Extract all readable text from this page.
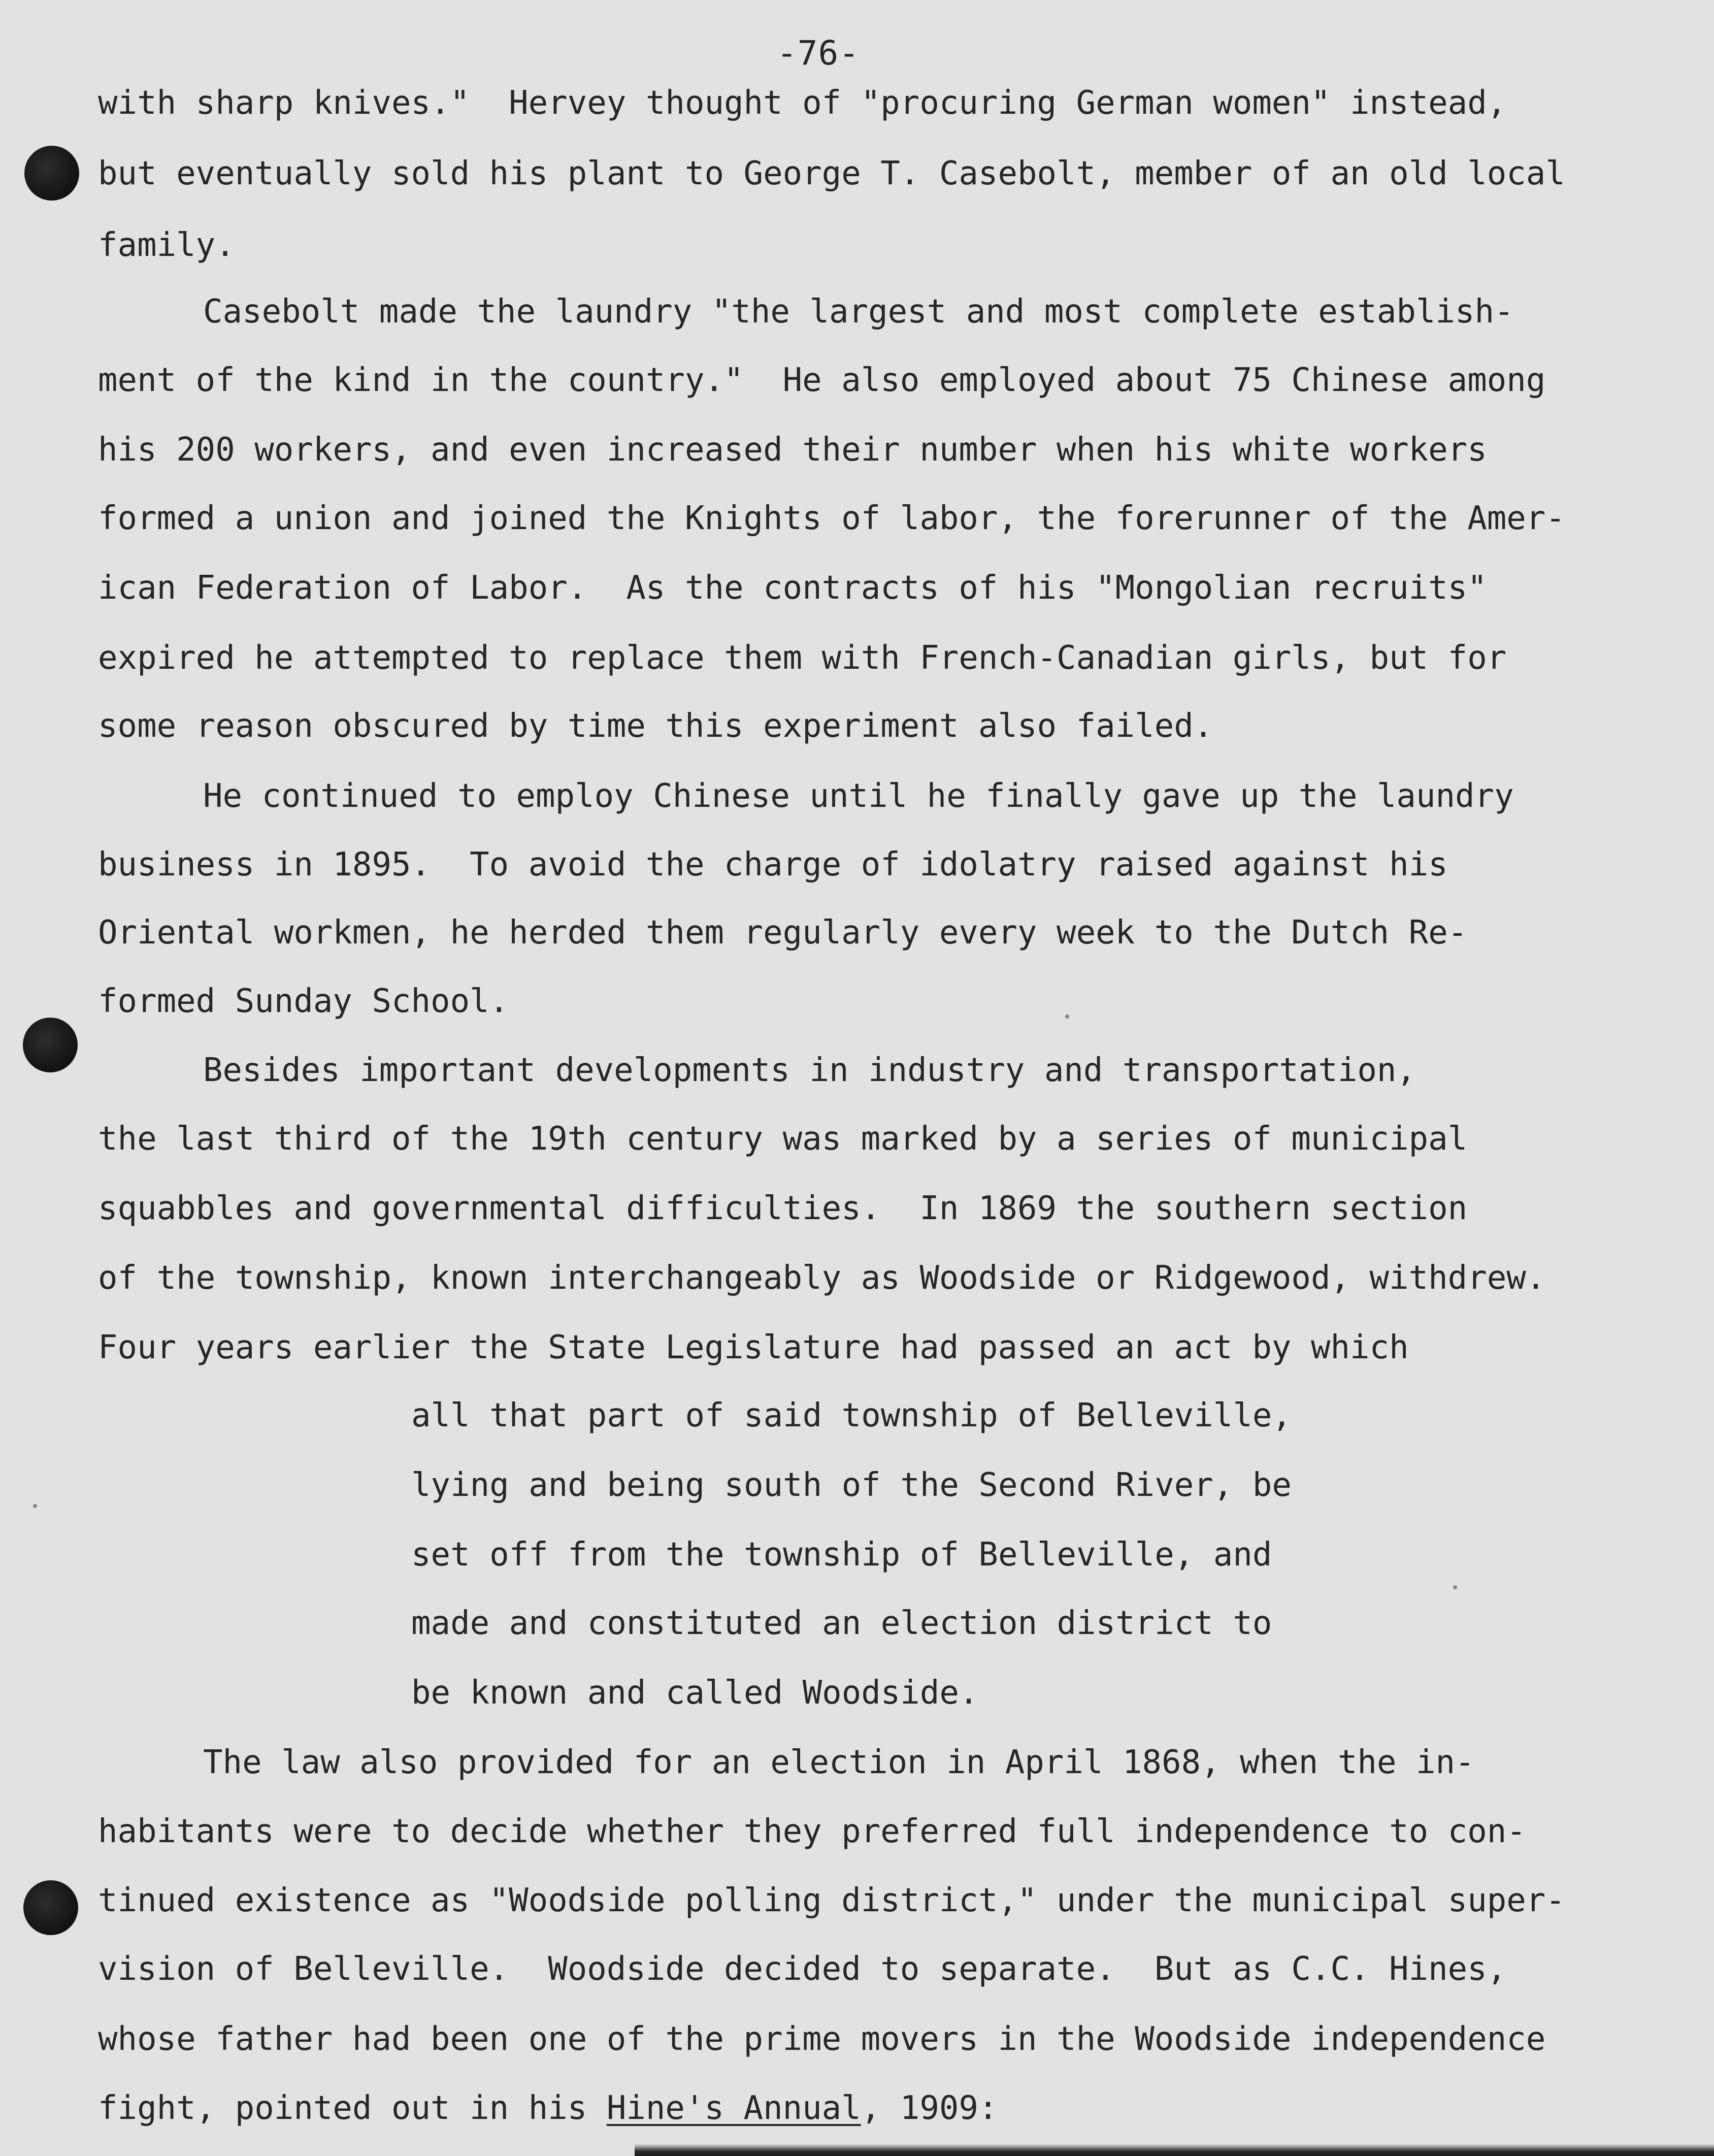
-76-
with sharp knives."  Hervey thought of "procuring German women" instead,
but eventually sold his plant to George T. Casebolt, member of an old local
family.
Casebolt made the laundry "the largest and most complete establish-
ment of the kind in the country."  He also employed about 75 Chinese among
his 200 workers, and even increased their number when his white workers
formed a union and joined the Knights of labor, the forerunner of the Amer-
ican Federation of Labor.  As the contracts of his "Mongolian recruits"
expired he attempted to replace them with French-Canadian girls, but for
some reason obscured by time this experiment also failed.
He continued to employ Chinese until he finally gave up the laundry
business in 1895.  To avoid the charge of idolatry raised against his
Oriental workmen, he herded them regularly every week to the Dutch Re-
formed Sunday School.
Besides important developments in industry and transportation,
the last third of the 19th century was marked by a series of municipal
squabbles and governmental difficulties.  In 1869 the southern section
of the township, known interchangeably as Woodside or Ridgewood, withdrew.
Four years earlier the State Legislature had passed an act by which
all that part of said township of Belleville,
lying and being south of the Second River, be
set off from the township of Belleville, and
made and constituted an election district to
be known and called Woodside.
The law also provided for an election in April 1868, when the in-
habitants were to decide whether they preferred full independence to con-
tinued existence as "Woodside polling district," under the municipal super-
vision of Belleville.  Woodside decided to separate.  But as C.C. Hines,
whose father had been one of the prime movers in the Woodside independence
fight, pointed out in his Hine's Annual, 1909:
